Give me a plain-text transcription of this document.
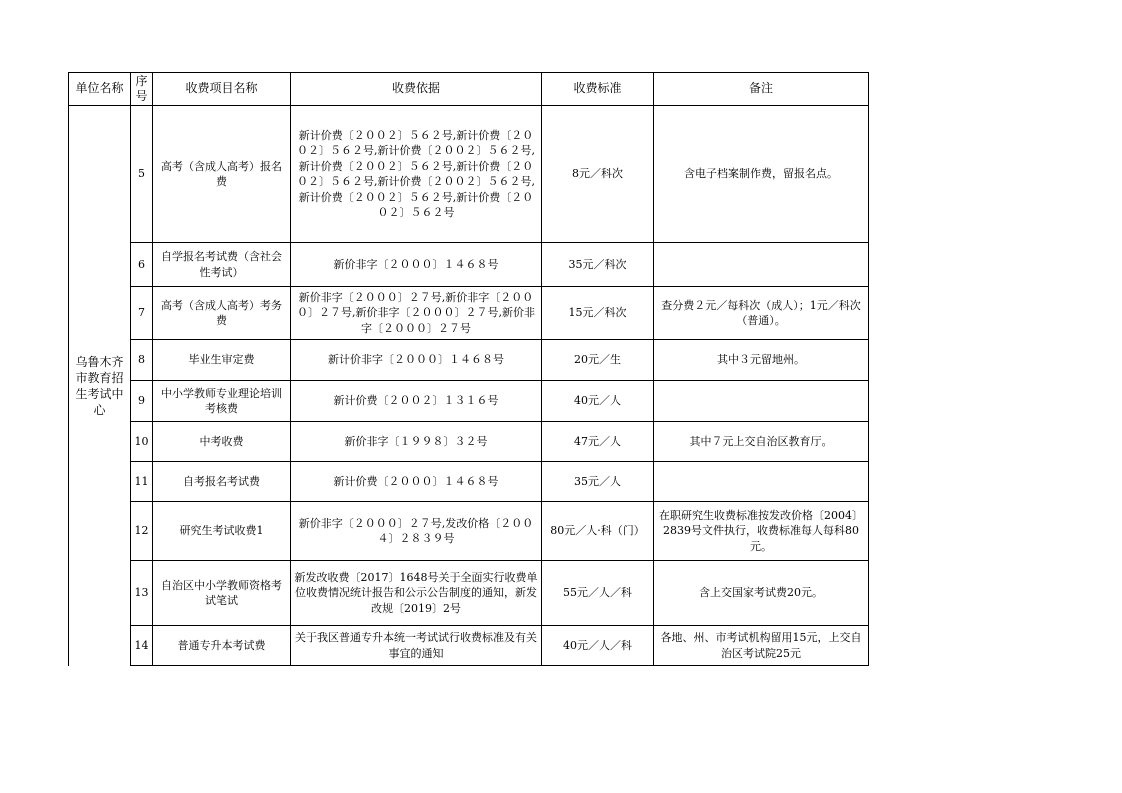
单位名称	序号	收费项目名称	收费依据	收费标准	备注
乌鲁木齐市教育招生考试中心	5	高考（含成人高考）报名费	新计价费〔２００２〕５６２号,新计价费〔２００２〕５６２号,新计价费〔２００２〕５６２号,新计价费〔２００２〕５６２号,新计价费〔２００２〕５６２号,新计价费〔２００２〕５６２号,新计价费〔２００２〕５６２号,新计价费〔２００２〕５６２号	8元／科次	含电子档案制作费，留报名点。
	6	自学报名考试费（含社会性考试）	新价非字〔２０００〕１４６８号	35元／科次	
	7	高考（含成人高考）考务费	新价非字〔２０００〕２７号,新价非字〔２０００〕２７号,新价非字〔２０００〕２７号,新价非字〔２０００〕２７号	15元／科次	查分费２元／每科次（成人）；1元／科次（普通）。
	8	毕业生审定费	新计价非字〔２０００〕１４６８号	20元／生	其中３元留地州。
	9	中小学教师专业理论培训考核费	新计价费〔２００２〕１３１６号	40元／人	
	10	中考收费	新价非字〔１９９８〕３２号	47元／人	其中７元上交自治区教育厅。
	11	自考报名考试费	新计价费〔２０００〕１４６８号	35元／人	
	12	研究生考试收费1	新价非字〔２０００〕２７号,发改价格〔２００４〕２８３９号	80元／人·科（门）	在职研究生收费标准按发改价格〔2004〕2839号文件执行，收费标准每人每科80元。
	13	自治区中小学教师资格考试笔试	新发改收费〔2017〕1648号关于全面实行收费单位收费情况统计报告和公示公告制度的通知，新发改规〔2019〕2号	55元／人／科	含上交国家考试费20元。
	14	普通专升本考试费	关于我区普通专升本统一考试试行收费标准及有关事宜的通知	40元／人／科	各地、州、市考试机构留用15元，上交自治区考试院25元
